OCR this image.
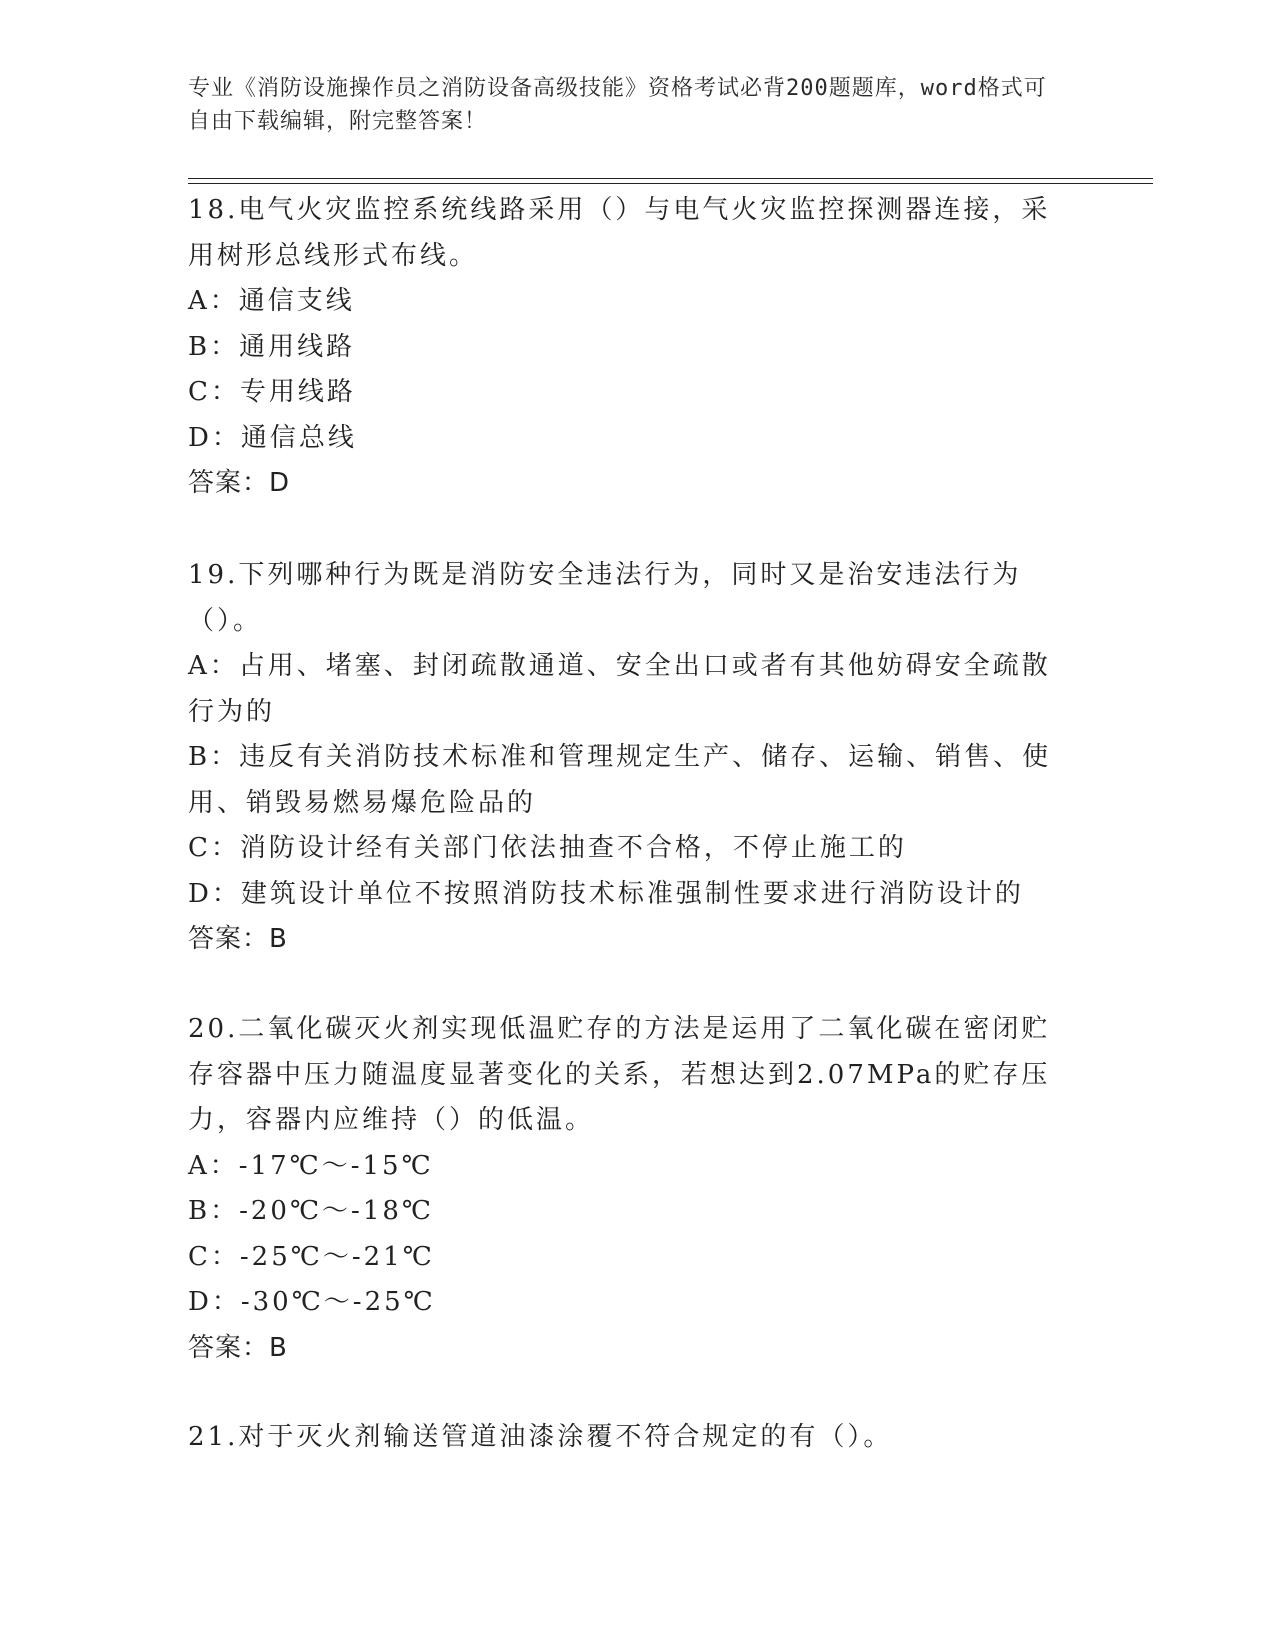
专业《消防设施操作员之消防设备高级技能》资格考试必背200题题库，word格式可自由下载编辑，附完整答案！

18.电气火灾监控系统线路采用（）与电气火灾监控探测器连接，采用树形总线形式布线。

A：通信支线

B：通用线路

C：专用线路

D：通信总线

答案：D

19.下列哪种行为既是消防安全违法行为，同时又是治安违法行为（）。

A：占用、堵塞、封闭疏散通道、安全出口或者有其他妨碍安全疏散行为的

B：违反有关消防技术标准和管理规定生产、储存、运输、销售、使用、销毁易燃易爆危险品的

C：消防设计经有关部门依法抽查不合格，不停止施工的

D：建筑设计单位不按照消防技术标准强制性要求进行消防设计的

答案：B

20.二氧化碳灭火剂实现低温贮存的方法是运用了二氧化碳在密闭贮存容器中压力随温度显著变化的关系，若想达到2.07MPa的贮存压力，容器内应维持（）的低温。

A：-17℃～-15℃

B：-20℃～-18℃

C：-25℃～-21℃

D：-30℃～-25℃

答案：B

21.对于灭火剂输送管道油漆涂覆不符合规定的有（）。
